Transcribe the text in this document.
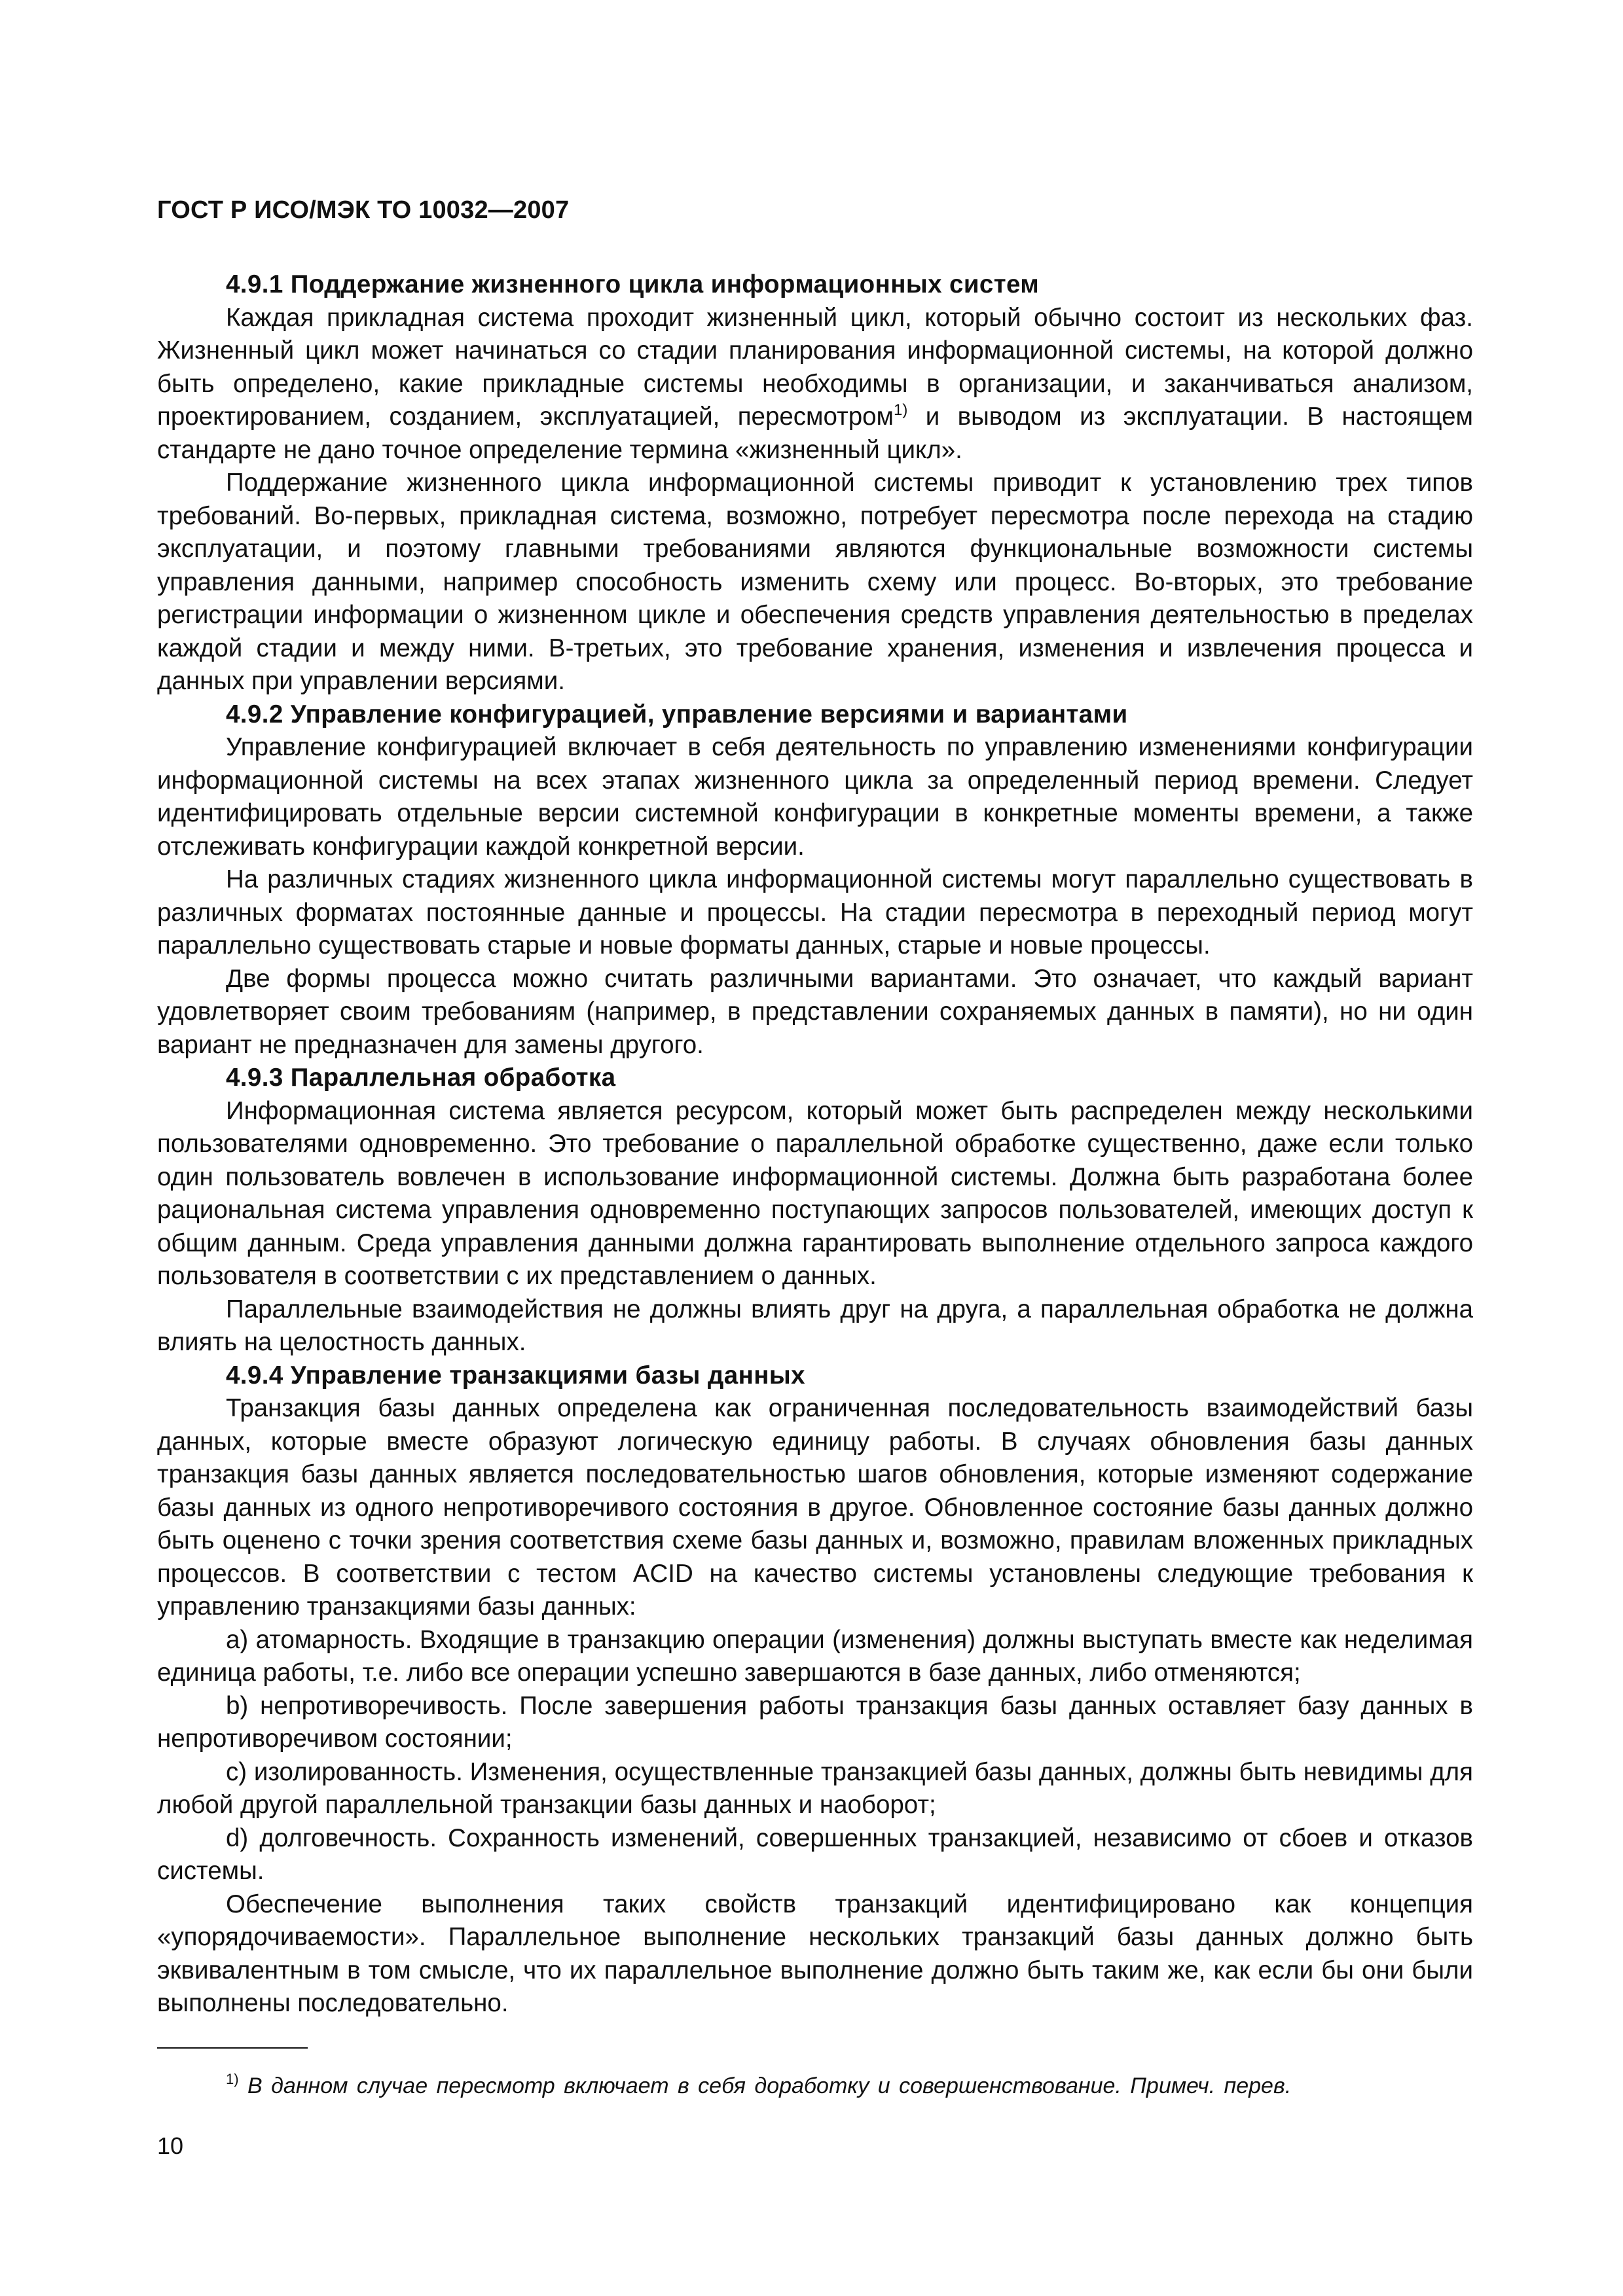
ГОСТ Р ИСО/МЭК ТО 10032—2007
4.9.1 Поддержание жизненного цикла информационных систем

Каждая прикладная система проходит жизненный цикл, который обычно состоит из нескольких фаз. Жизненный цикл может начинаться со стадии планирования информационной системы, на которой должно быть определено, какие прикладные системы необходимы в организации, и заканчиваться анализом, проектированием, созданием, эксплуатацией, пересмотром$^{1)}$ и выводом из эксплуатации. В настоящем стандарте не дано точное определение термина «жизненный цикл».

Поддержание жизненного цикла информационной системы приводит к установлению трех типов требований. Во-первых, прикладная система, возможно, потребует пересмотра после перехода на стадию эксплуатации, и поэтому главными требованиями являются функциональные возможности системы управления данными, например способность изменить схему или процесс. Во-вторых, это требование регистрации информации о жизненном цикле и обеспечения средств управления деятельностью в пределах каждой стадии и между ними. В-третьих, это требование хранения, изменения и извлечения процесса и данных при управлении версиями.

4.9.2 Управление конфигурацией, управление версиями и вариантами

Управление конфигурацией включает в себя деятельность по управлению изменениями конфигурации информационной системы на всех этапах жизненного цикла за определенный период времени. Следует идентифицировать отдельные версии системной конфигурации в конкретные моменты времени, а также отслеживать конфигурации каждой конкретной версии.

На различных стадиях жизненного цикла информационной системы могут параллельно существовать в различных форматах постоянные данные и процессы. На стадии пересмотра в переходный период могут параллельно существовать старые и новые форматы данных, старые и новые процессы.

Две формы процесса можно считать различными вариантами. Это означает, что каждый вариант удовлетворяет своим требованиям (например, в представлении сохраняемых данных в памяти), но ни один вариант не предназначен для замены другого.

4.9.3 Параллельная обработка

Информационная система является ресурсом, который может быть распределен между несколькими пользователями одновременно. Это требование о параллельной обработке существенно, даже если только один пользователь вовлечен в использование информационной системы. Должна быть разработана более рациональная система управления одновременно поступающих запросов пользователей, имеющих доступ к общим данным. Среда управления данными должна гарантировать выполнение отдельного запроса каждого пользователя в соответствии с их представлением о данных.

Параллельные взаимодействия не должны влиять друг на друга, а параллельная обработка не должна влиять на целостность данных.

4.9.4 Управление транзакциями базы данных

Транзакция базы данных определена как ограниченная последовательность взаимодействий базы данных, которые вместе образуют логическую единицу работы. В случаях обновления базы данных транзакция базы данных является последовательностью шагов обновления, которые изменяют содержание базы данных из одного непротиворечивого состояния в другое. Обновленное состояние базы данных должно быть оценено с точки зрения соответствия схеме базы данных и, возможно, правилам вложенных прикладных процессов. В соответствии с тестом ACID на качество системы установлены следующие требования к управлению транзакциями базы данных:

a) атомарность. Входящие в транзакцию операции (изменения) должны выступать вместе как неделимая единица работы, т.е. либо все операции успешно завершаются в базе данных, либо отменяются;

b) непротиворечивость. После завершения работы транзакция базы данных оставляет базу данных в непротиворечивом состоянии;

c) изолированность. Изменения, осуществленные транзакцией базы данных, должны быть невидимы для любой другой параллельной транзакции базы данных и наоборот;

d) долговечность. Сохранность изменений, совершенных транзакцией, независимо от сбоев и отказов системы.

Обеспечение выполнения таких свойств транзакций идентифицировано как концепция «упорядочиваемости». Параллельное выполнение нескольких транзакций базы данных должно быть эквивалентным в том смысле, что их параллельное выполнение должно быть таким же, как если бы они были выполнены последовательно.

$^{1)}$ В данном случае пересмотр включает в себя доработку и совершенствование. Примеч. перев.
10
